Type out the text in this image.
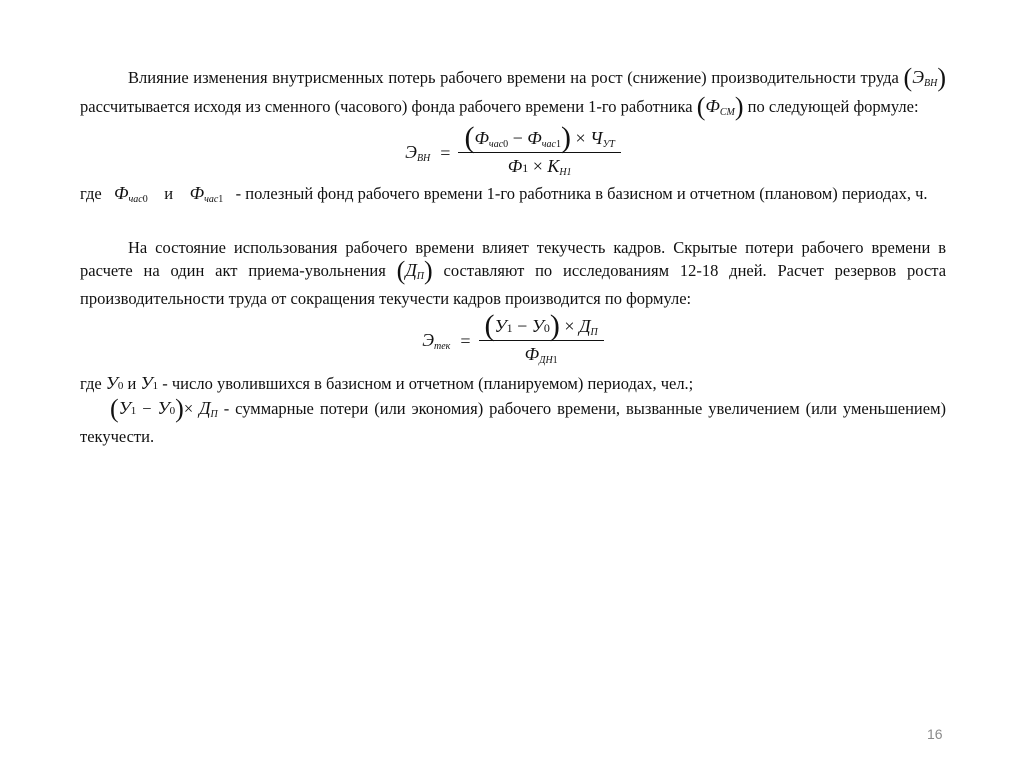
Влияние изменения внутрисменных потерь рабочего времени на рост (снижение) производительности труда $(Э_{ВН})$ рассчитывается исходя из сменного (часового) фонда рабочего времени 1-го работника $(Ф_{СМ})$ по следующей формуле:

$Э_{ВН} = \frac{(Ф_{час0} - Ф_{час1}) \times Ч_{УТ}}{Ф1 \times К_{Н1}}$

где $Ф_{час0}$ и $Ф_{час1}$ - полезный фонд рабочего времени 1-го работника в базисном и отчетном (плановом) периодах, ч.

На состояние использования рабочего времени влияет текучесть кадров. Скрытые потери рабочего времени в расчете на один акт приема-увольнения $(Д_П)$ составляют по исследованиям 12-18 дней. Расчет резервов роста производительности труда от сокращения текучести кадров производится по формуле:

$Э_{тек} = \frac{(У1 - У0) \times Д_П}{Ф_{ДН1}}$

где У0 и У1 - число уволившихся в базисном и отчетном (планируемом) периодах, чел.;

$(У1 - У0)\times Д_П$ - суммарные потери (или экономия) рабочего времени, вызванные увеличением (или уменьшением) текучести.

16
